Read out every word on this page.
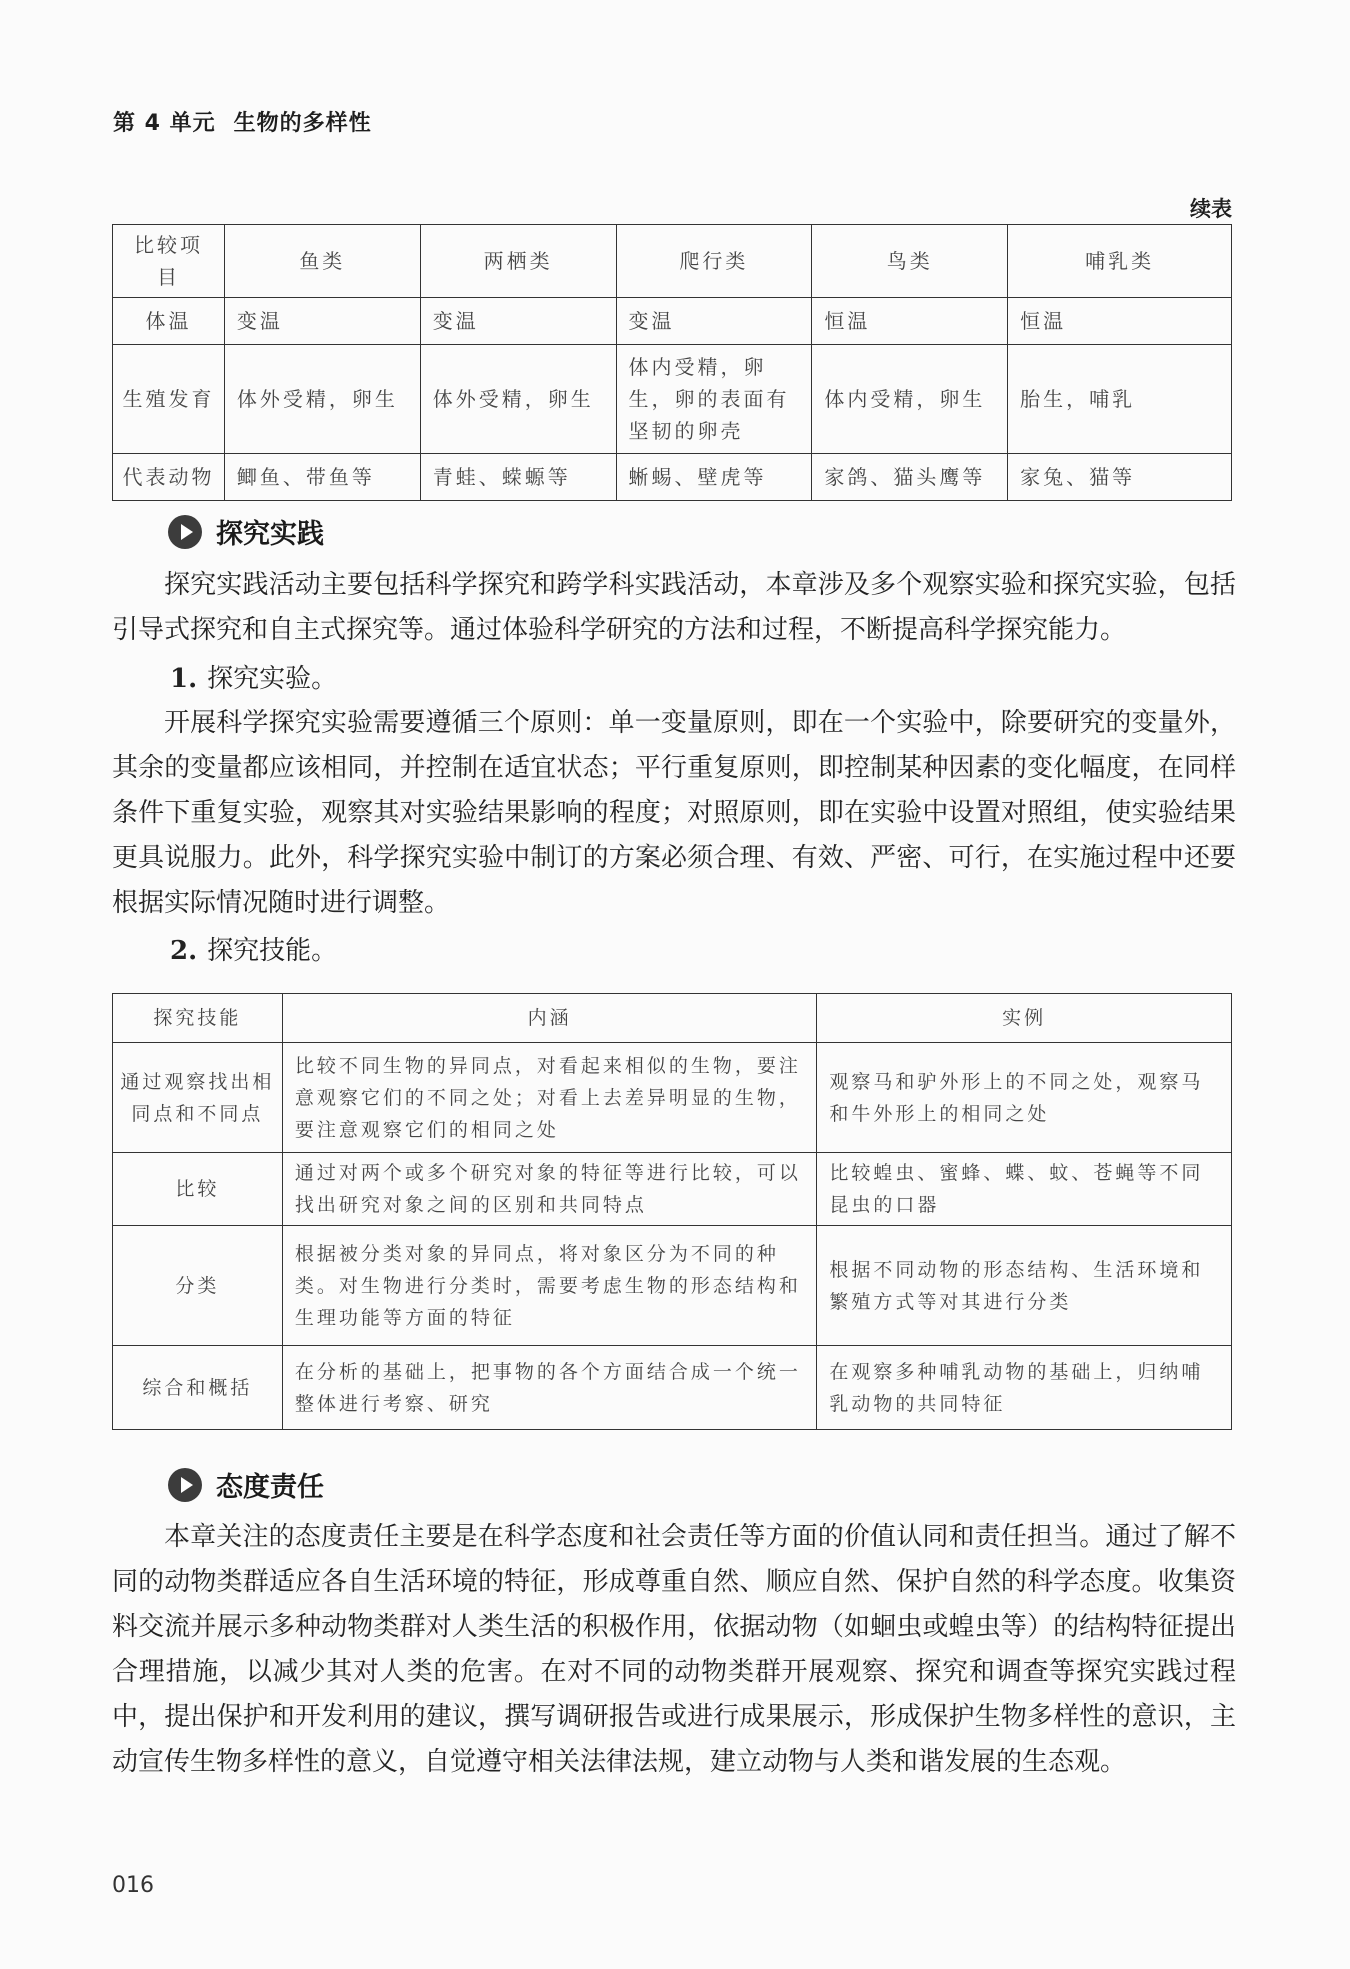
第 4 单元 生物的多样性
续表
比较项目	鱼类	两栖类	爬行类	鸟类	哺乳类
体温	变温	变温	变温	恒温	恒温
生殖发育	体外受精，卵生	体外受精，卵生	体内受精，卵生，卵的表面有坚韧的卵壳	体内受精，卵生	胎生，哺乳
代表动物	鲫鱼、带鱼等	青蛙、蝾螈等	蜥蜴、壁虎等	家鸽、猫头鹰等	家兔、猫等
探究实践
探究实践活动主要包括科学探究和跨学科实践活动，本章涉及多个观察实验和探究实验，包括引导式探究和自主式探究等。通过体验科学研究的方法和过程，不断提高科学探究能力。
1. 探究实验。
开展科学探究实验需要遵循三个原则：单一变量原则，即在一个实验中，除要研究的变量外，其余的变量都应该相同，并控制在适宜状态；平行重复原则，即控制某种因素的变化幅度，在同样条件下重复实验，观察其对实验结果影响的程度；对照原则，即在实验中设置对照组，使实验结果更具说服力。此外，科学探究实验中制订的方案必须合理、有效、严密、可行，在实施过程中还要根据实际情况随时进行调整。
2. 探究技能。
探究技能	内涵	实例
通过观察找出相同点和不同点	比较不同生物的异同点，对看起来相似的生物，要注意观察它们的不同之处；对看上去差异明显的生物，要注意观察它们的相同之处	观察马和驴外形上的不同之处，观察马和牛外形上的相同之处
比较	通过对两个或多个研究对象的特征等进行比较，可以找出研究对象之间的区别和共同特点	比较蝗虫、蜜蜂、蝶、蚊、苍蝇等不同昆虫的口器
分类	根据被分类对象的异同点，将对象区分为不同的种类。对生物进行分类时，需要考虑生物的形态结构和生理功能等方面的特征	根据不同动物的形态结构、生活环境和繁殖方式等对其进行分类
综合和概括	在分析的基础上，把事物的各个方面结合成一个统一整体进行考察、研究	在观察多种哺乳动物的基础上，归纳哺乳动物的共同特征
态度责任
本章关注的态度责任主要是在科学态度和社会责任等方面的价值认同和责任担当。通过了解不同的动物类群适应各自生活环境的特征，形成尊重自然、顺应自然、保护自然的科学态度。收集资料交流并展示多种动物类群对人类生活的积极作用，依据动物（如蛔虫或蝗虫等）的结构特征提出合理措施，以减少其对人类的危害。在对不同的动物类群开展观察、探究和调查等探究实践过程中，提出保护和开发利用的建议，撰写调研报告或进行成果展示，形成保护生物多样性的意识，主动宣传生物多样性的意义，自觉遵守相关法律法规，建立动物与人类和谐发展的生态观。
016
